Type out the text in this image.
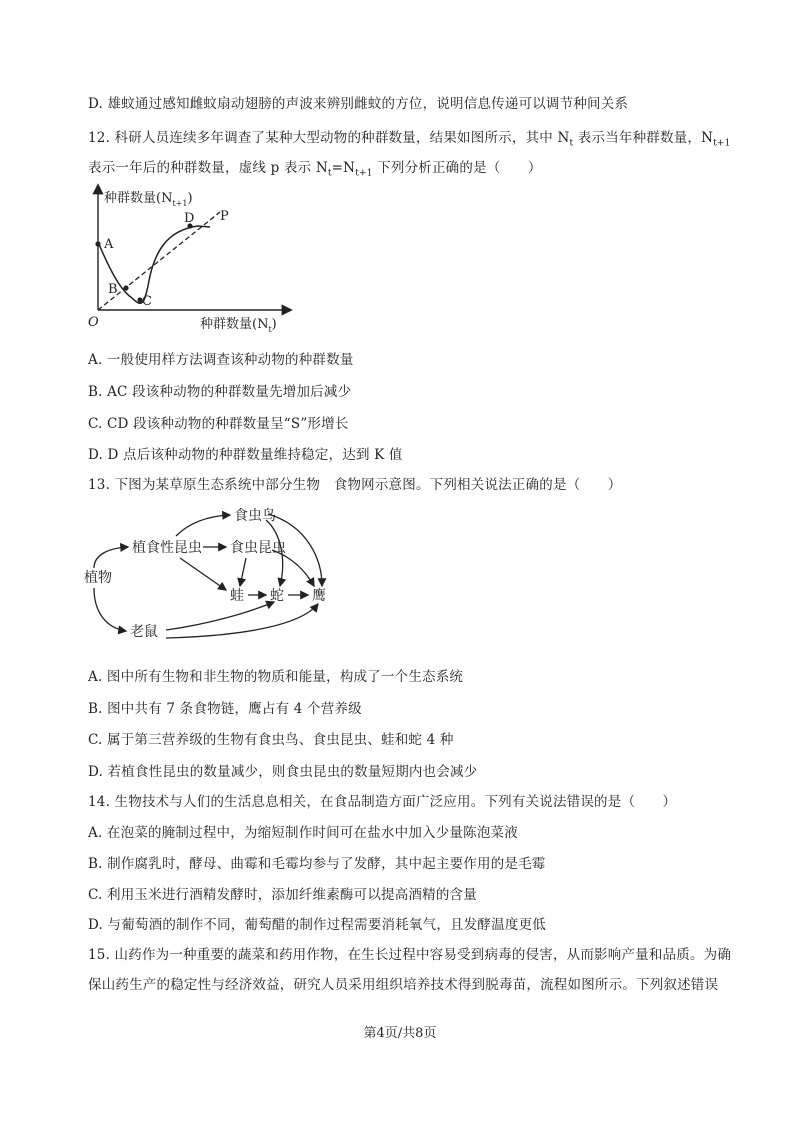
D. 雄蚊通过感知雌蚊扇动翅膀的声波来辨别雌蚊的方位，说明信息传递可以调节种间关系
12. 科研人员连续多年调查了某种大型动物的种群数量，结果如图所示，其中 $N_t$ 表示当年种群数量，$N_{t+1}$
表示一年后的种群数量，虚线 p 表示 $N_t=N_{t+1}$ 下列分析正确的是（　　）
A
B
C
D P
O
种群数量$(N_{t+1})$
种群数量$(N_t)$
A. 一般使用样方法调查该种动物的种群数量
B. AC 段该种动物的种群数量先增加后减少
C. CD 段该种动物的种群数量呈“S”形增长
D. D 点后该种动物的种群数量维持稳定，达到 K 值
13. 下图为某草原生态系统中部分生物　食物网示意图。下列相关说法正确的是（　　）
植物
植食性昆虫
食虫鸟
食虫昆虫
蛙 蛇 鹰
老鼠
A. 图中所有生物和非生物的物质和能量，构成了一个生态系统
B. 图中共有 7 条食物链，鹰占有 4 个营养级
C. 属于第三营养级的生物有食虫鸟、食虫昆虫、蛙和蛇 4 种
D. 若植食性昆虫的数量减少，则食虫昆虫的数量短期内也会减少
14. 生物技术与人们的生活息息相关，在食品制造方面广泛应用。下列有关说法错误的是（　　）
A. 在泡菜的腌制过程中，为缩短制作时间可在盐水中加入少量陈泡菜液
B. 制作腐乳时，酵母、曲霉和毛霉均参与了发酵，其中起主要作用的是毛霉
C. 利用玉米进行酒精发酵时，添加纤维素酶可以提高酒精的含量
D. 与葡萄酒的制作不同，葡萄醋的制作过程需要消耗氧气，且发酵温度更低
15. 山药作为一种重要的蔬菜和药用作物，在生长过程中容易受到病毒的侵害，从而影响产量和品质。为确
保山药生产的稳定性与经济效益，研究人员采用组织培养技术得到脱毒苗，流程如图所示。下列叙述错误
第4页/共8页
